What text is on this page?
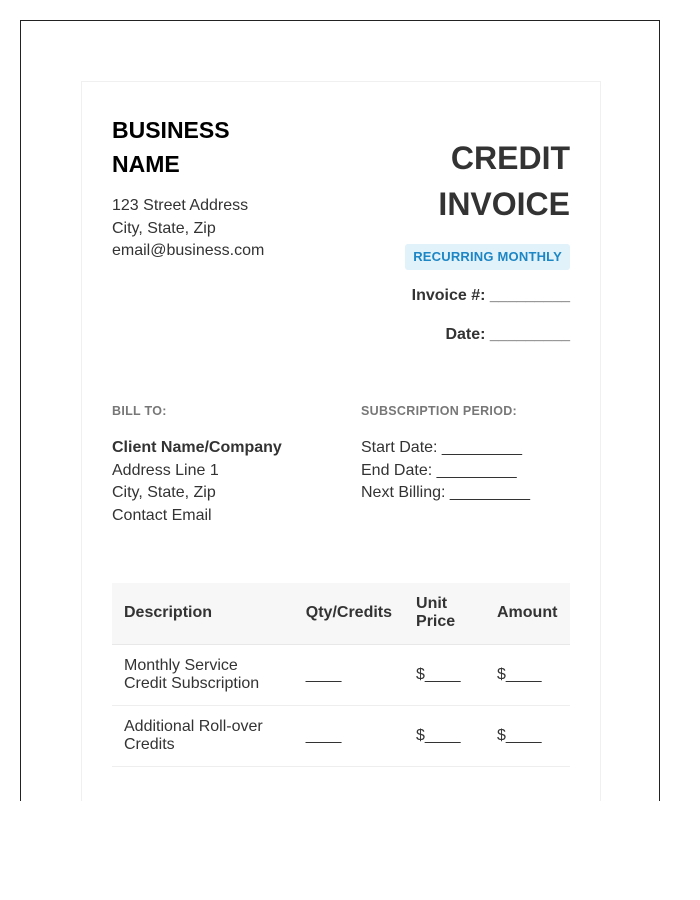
BUSINESS
NAME
123 Street Address
City, State, Zip
email@business.com
CREDIT
INVOICE
RECURRING MONTHLY
Invoice #: _________
Date: _________
BILL TO:	SUBSCRIPTION PERIOD:
Client Name/Company
Address Line 1
City, State, Zip
Contact Email
Start Date: _________
End Date: _________
Next Billing: _________
Description	Qty/Credits	Unit Price	Amount
Monthly Service Credit Subscription	____	$____	$____
Additional Roll-over Credits	____	$____	$____
